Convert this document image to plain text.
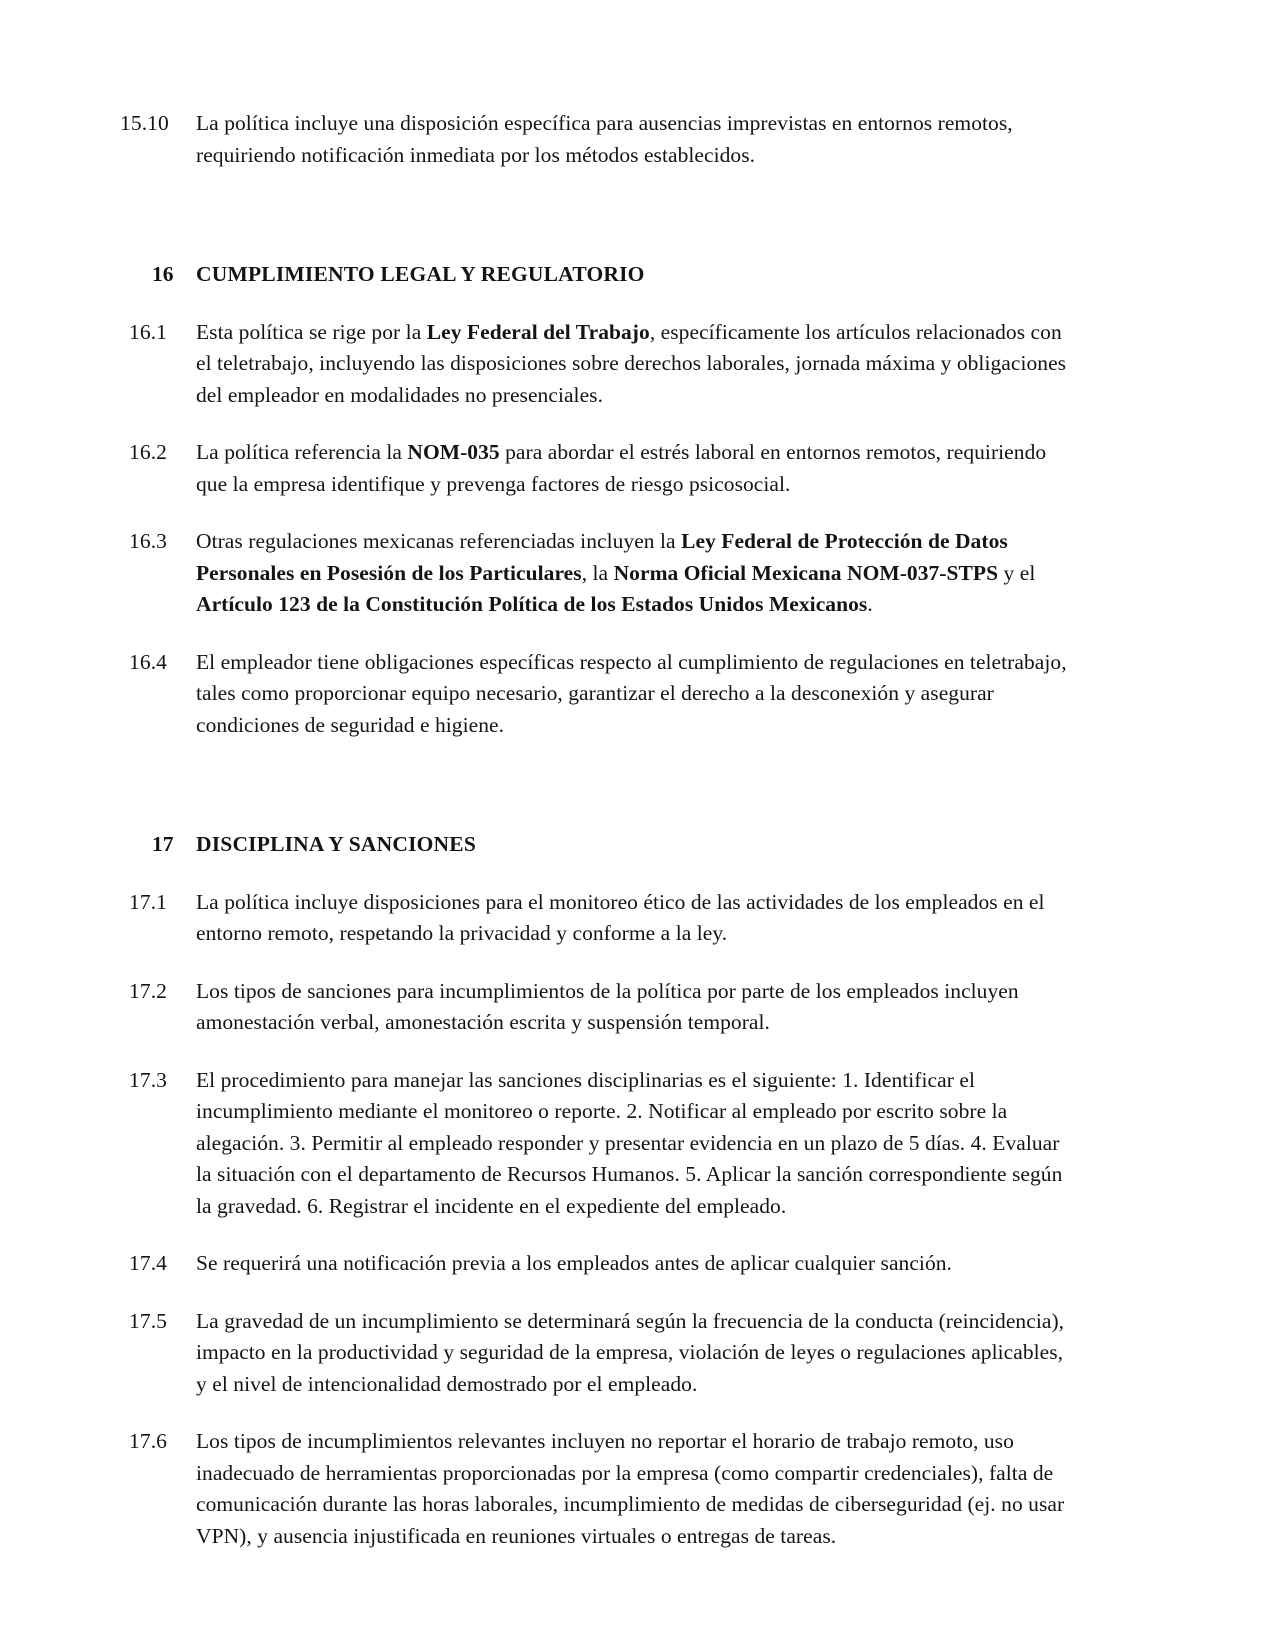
15.10	La política incluye una disposición específica para ausencias imprevistas en entornos remotos, requiriendo notificación inmediata por los métodos establecidos.
16	CUMPLIMIENTO LEGAL Y REGULATORIO
16.1	Esta política se rige por la Ley Federal del Trabajo, específicamente los artículos relacionados con el teletrabajo, incluyendo las disposiciones sobre derechos laborales, jornada máxima y obligaciones del empleador en modalidades no presenciales.
16.2	La política referencia la NOM-035 para abordar el estrés laboral en entornos remotos, requiriendo que la empresa identifique y prevenga factores de riesgo psicosocial.
16.3	Otras regulaciones mexicanas referenciadas incluyen la Ley Federal de Protección de Datos Personales en Posesión de los Particulares, la Norma Oficial Mexicana NOM-037-STPS y el Artículo 123 de la Constitución Política de los Estados Unidos Mexicanos.
16.4	El empleador tiene obligaciones específicas respecto al cumplimiento de regulaciones en teletrabajo, tales como proporcionar equipo necesario, garantizar el derecho a la desconexión y asegurar condiciones de seguridad e higiene.
17	DISCIPLINA Y SANCIONES
17.1	La política incluye disposiciones para el monitoreo ético de las actividades de los empleados en el entorno remoto, respetando la privacidad y conforme a la ley.
17.2	Los tipos de sanciones para incumplimientos de la política por parte de los empleados incluyen amonestación verbal, amonestación escrita y suspensión temporal.
17.3	El procedimiento para manejar las sanciones disciplinarias es el siguiente: 1. Identificar el incumplimiento mediante el monitoreo o reporte. 2. Notificar al empleado por escrito sobre la alegación. 3. Permitir al empleado responder y presentar evidencia en un plazo de 5 días. 4. Evaluar la situación con el departamento de Recursos Humanos. 5. Aplicar la sanción correspondiente según la gravedad. 6. Registrar el incidente en el expediente del empleado.
17.4	Se requerirá una notificación previa a los empleados antes de aplicar cualquier sanción.
17.5	La gravedad de un incumplimiento se determinará según la frecuencia de la conducta (reincidencia), impacto en la productividad y seguridad de la empresa, violación de leyes o regulaciones aplicables, y el nivel de intencionalidad demostrado por el empleado.
17.6	Los tipos de incumplimientos relevantes incluyen no reportar el horario de trabajo remoto, uso inadecuado de herramientas proporcionadas por la empresa (como compartir credenciales), falta de comunicación durante las horas laborales, incumplimiento de medidas de ciberseguridad (ej. no usar VPN), y ausencia injustificada en reuniones virtuales o entregas de tareas.
